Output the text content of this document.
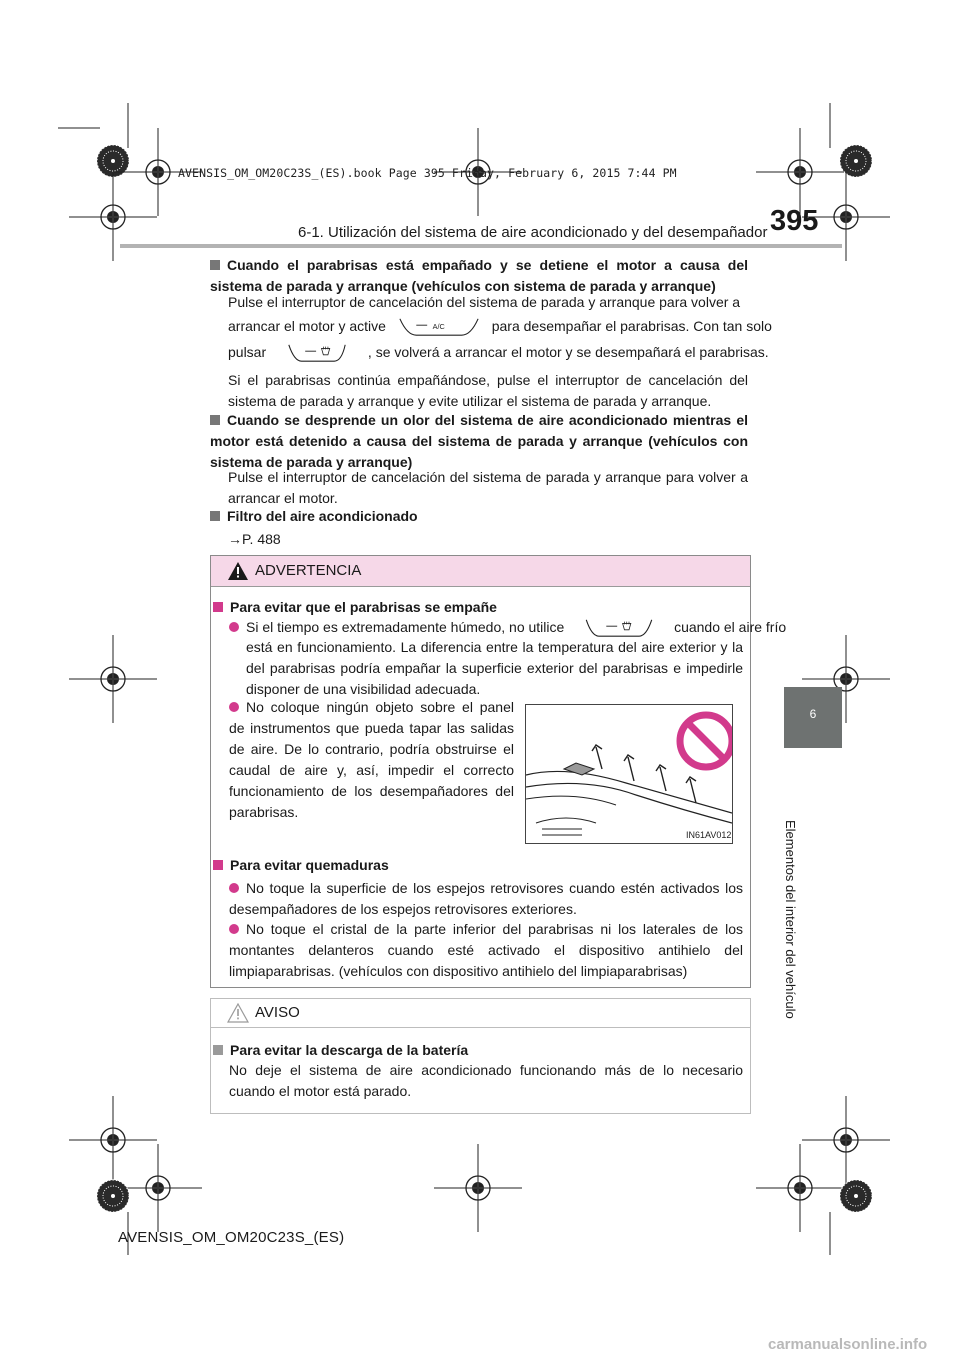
AVENSIS_OM_OM20C23S_(ES).book Page 395 Friday, February 6, 2015 7:44 PM
6-1. Utilización del sistema de aire acondicionado y del desempañador 395
6
Elementos del interior del vehículo
Cuando el parabrisas está empañado y se detiene el motor a causa del sistema de parada y arranque (vehículos con sistema de parada y arranque)
Pulse el interruptor de cancelación del sistema de parada y arranque para volver a
arrancar el motor y active	A/C	para desempañar el parabrisas. Con tan solo
pulsar	, se volverá a arrancar el motor y se desempañará el parabrisas.
Si el parabrisas continúa empañándose, pulse el interruptor de cancelación del sistema de parada y arranque y evite utilizar el sistema de parada y arranque.
Cuando se desprende un olor del sistema de aire acondicionado mientras el motor está detenido a causa del sistema de parada y arranque (vehículos con sistema de parada y arranque)
Pulse el interruptor de cancelación del sistema de parada y arranque para volver a arrancar el motor.
Filtro del aire acondicionado
→P. 488
ADVERTENCIA
Para evitar que el parabrisas se empañe
Si el tiempo es extremadamente húmedo, no utilice	cuando el aire frío
está en funcionamiento. La diferencia entre la temperatura del aire exterior y la del parabrisas podría empañar la superficie exterior del parabrisas e impedirle disponer de una visibilidad adecuada.
No coloque ningún objeto sobre el panel de instrumentos que pueda tapar las salidas de aire. De lo contrario, podría obstruirse el caudal de aire y, así, impedir el correcto funcionamiento de los desempañadores del parabrisas.
IN61AV012
Para evitar quemaduras
No toque la superficie de los espejos retrovisores cuando estén activados los desempañadores de los espejos retrovisores exteriores.
No toque el cristal de la parte inferior del parabrisas ni los laterales de los montantes delanteros cuando esté activado el dispositivo antihielo del limpiaparabrisas. (vehículos con dispositivo antihielo del limpiaparabrisas)
AVISO
Para evitar la descarga de la batería
No deje el sistema de aire acondicionado funcionando más de lo necesario cuando el motor está parado.
AVENSIS_OM_OM20C23S_(ES)
carmanualsonline.info
